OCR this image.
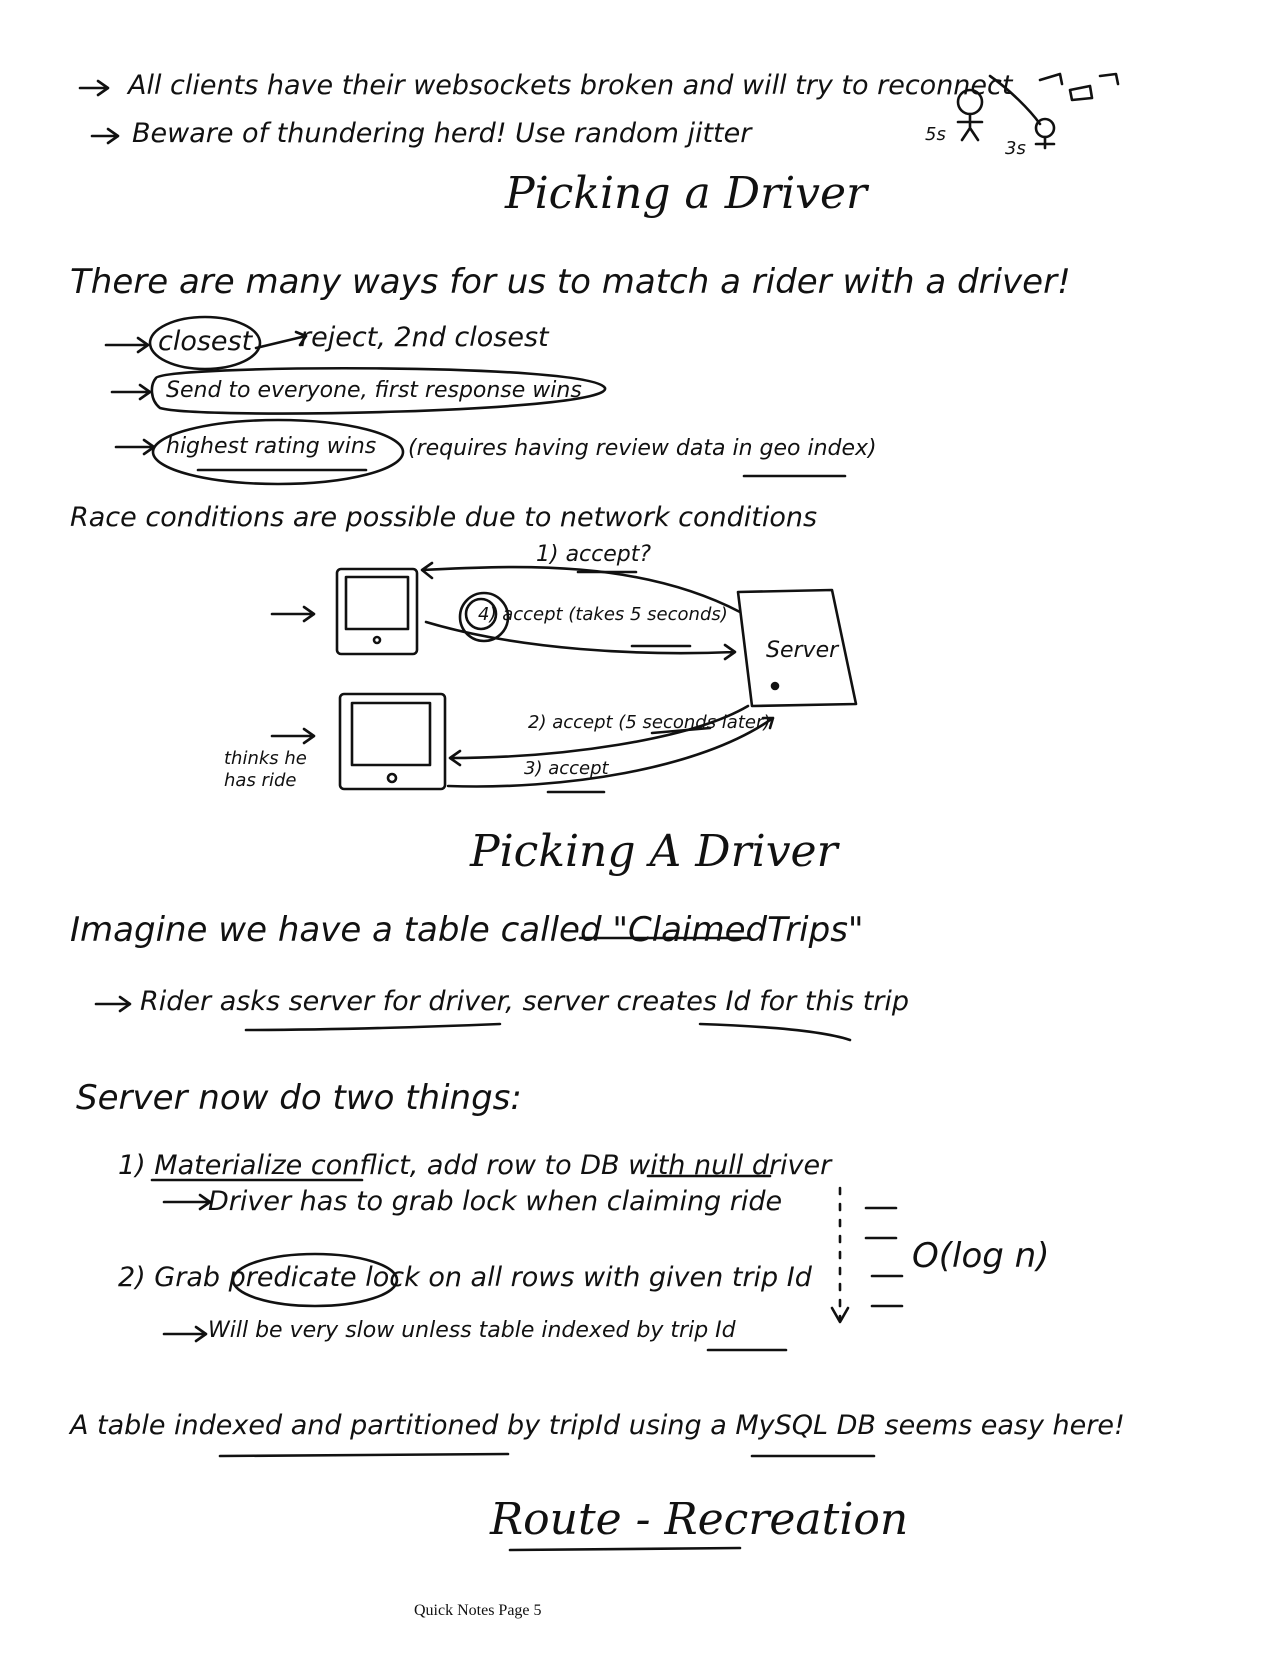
All clients have their websockets broken and will try to reconnect
Beware of thundering herd! Use random jitter	5s
3s
Picking a Driver
There are many ways for us to match a rider with a driver!
closest reject, 2nd closest
Send to everyone, first response wins
highest rating wins (requires having review data in geo index)
Race conditions are possible due to network conditions
1) accept?
4) accept (takes 5 seconds)
Server
2) accept (5 seconds later)
3) accept
thinks he has ride
Picking A Driver
Imagine we have a table called "ClaimedTrips"
Rider asks server for driver, server creates Id for this trip
Server now do two things:
1) Materialize conflict, add row to DB with null driver
Driver has to grab lock when claiming ride
2) Grab predicate lock on all rows with given trip Id
Will be very slow unless table indexed by trip Id
O(log n)
A table indexed and partitioned by tripId using a MySQL DB seems easy here!
Route - Recreation
Quick Notes Page 5
